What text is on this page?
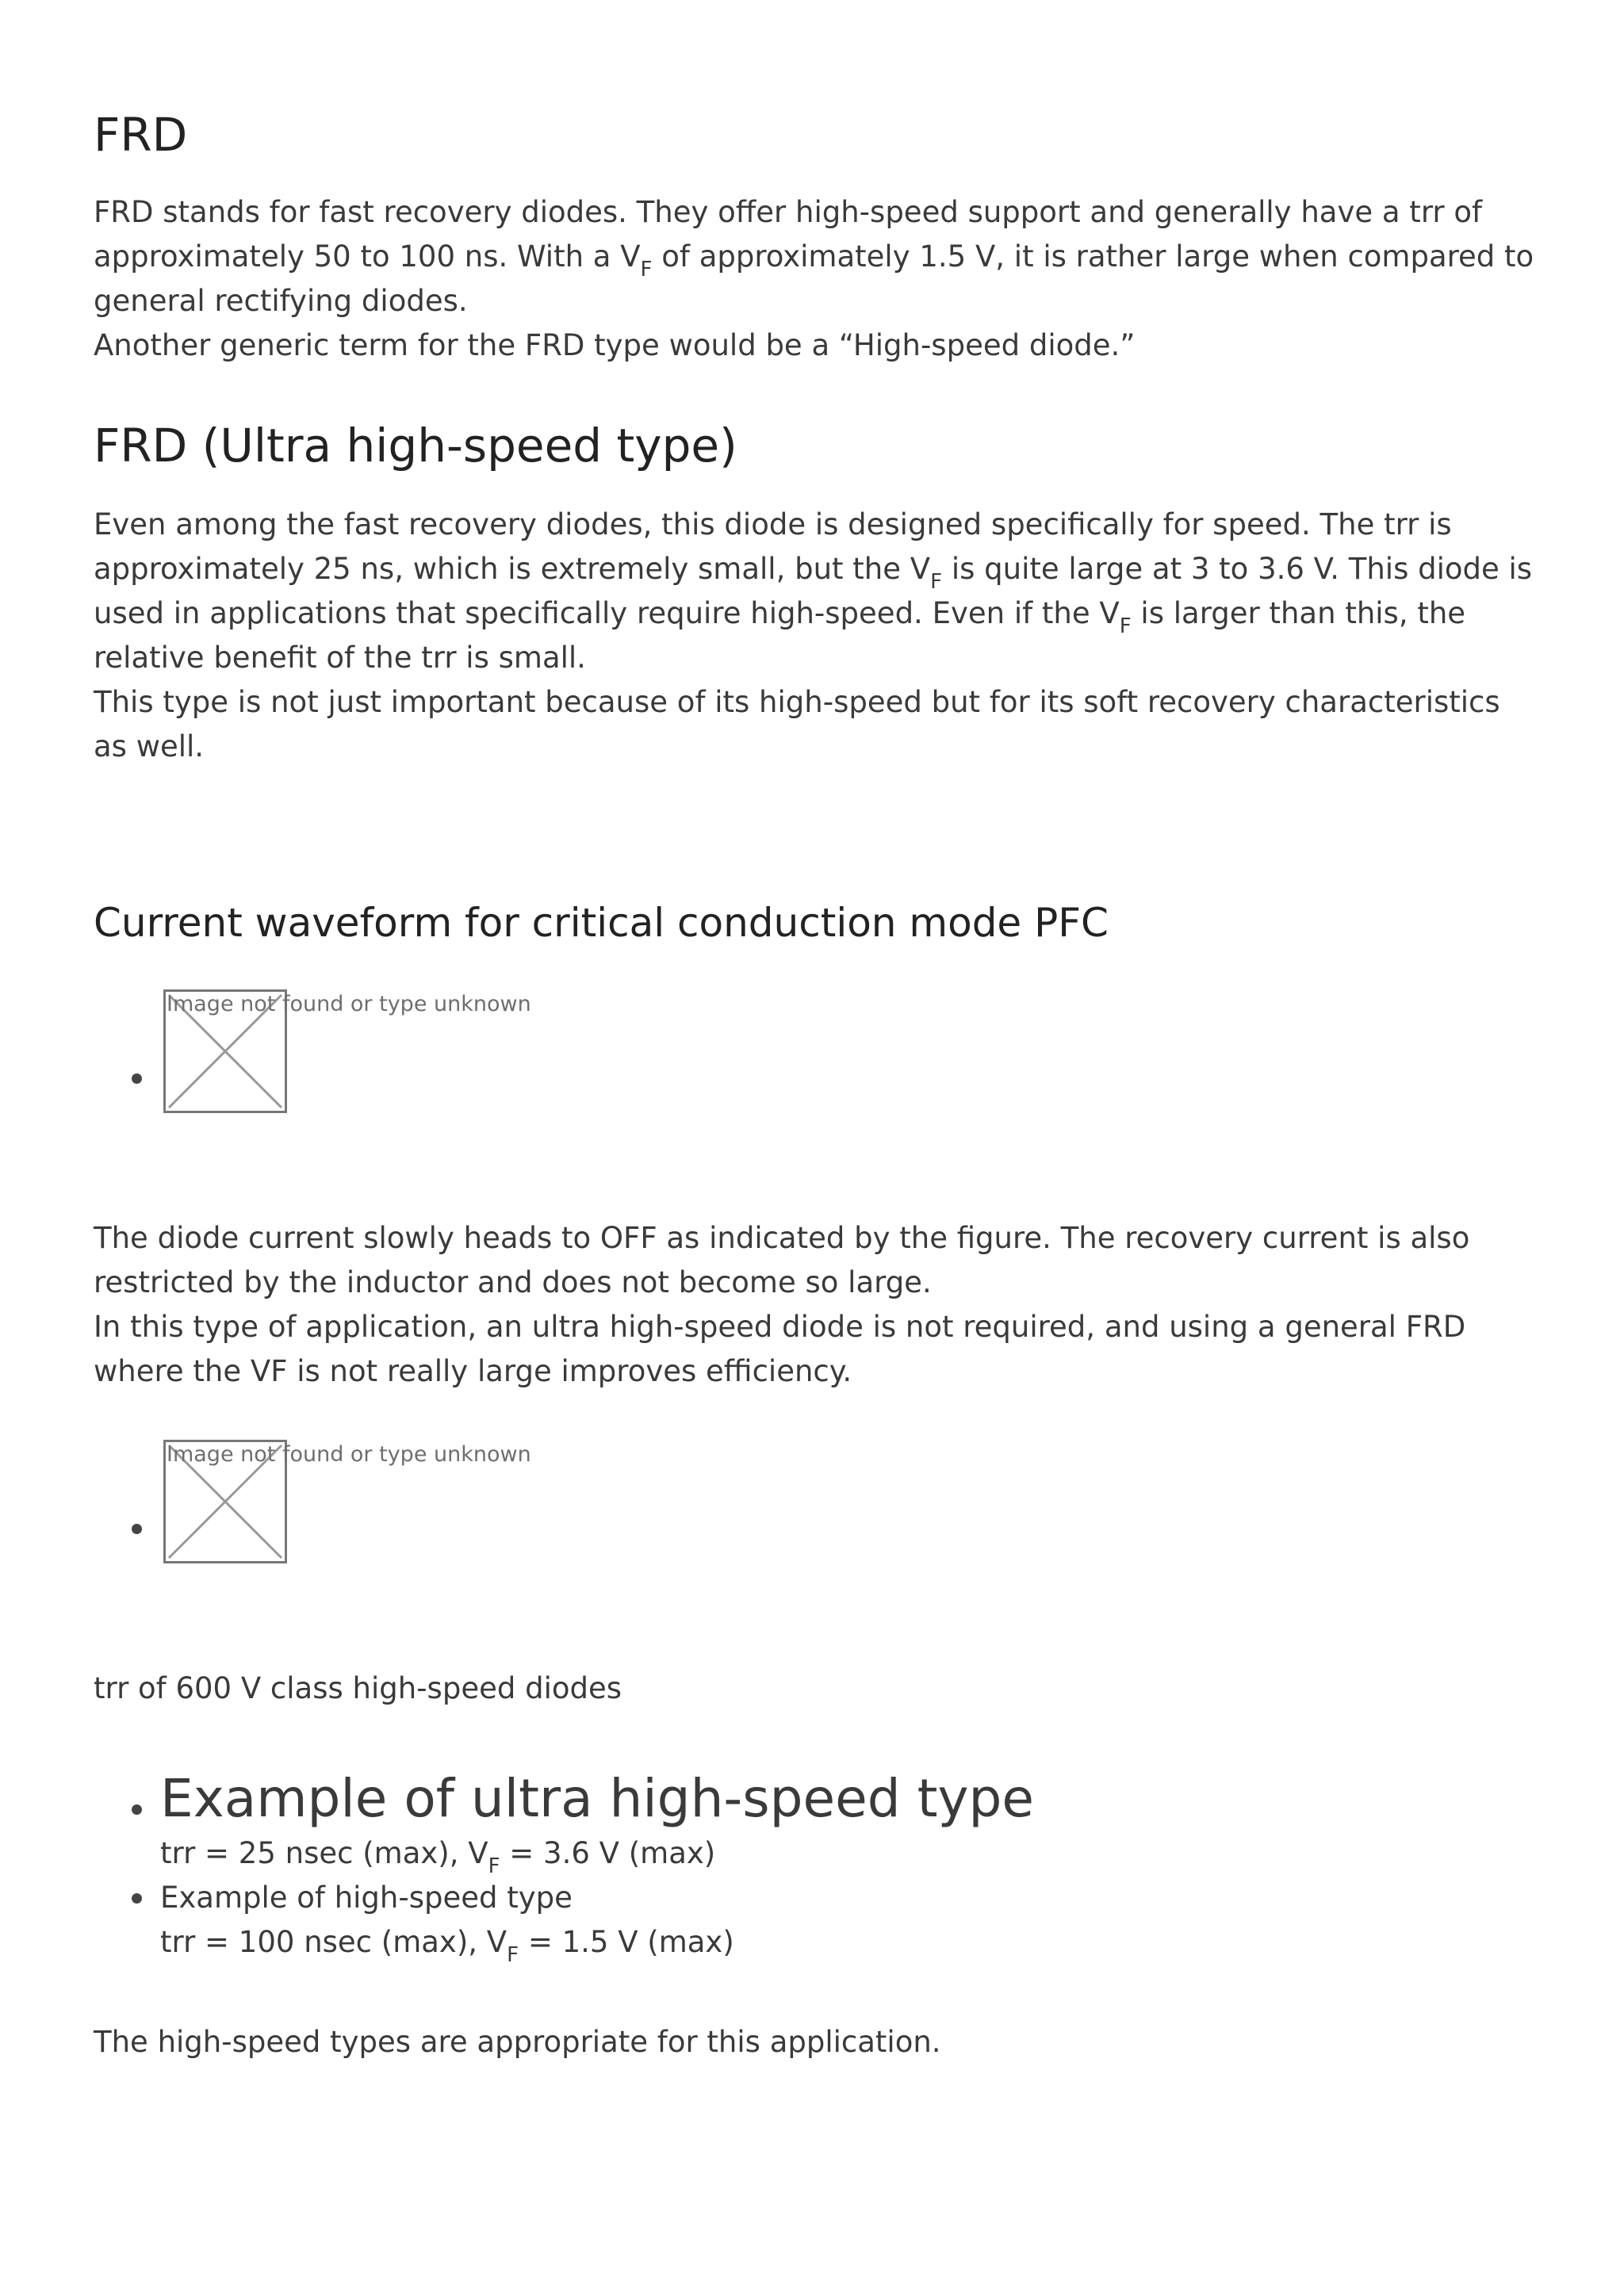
FRD

FRD stands for fast recovery diodes. They offer high-speed support and generally have a trr of approximately 50 to 100 ns. With a $V_F$ of approximately 1.5 V, it is rather large when compared to general rectifying diodes.
Another generic term for the FRD type would be a “High-speed diode.”

FRD (Ultra high-speed type)

Even among the fast recovery diodes, this diode is designed specifically for speed. The trr is approximately 25 ns, which is extremely small, but the $V_F$ is quite large at 3 to 3.6 V. This diode is used in applications that specifically require high-speed. Even if the $V_F$ is larger than this, the relative benefit of the trr is small.
This type is not just important because of its high-speed but for its soft recovery characteristics as well.

Current waveform for critical conduction mode PFC
Image not found or type unknown

The diode current slowly heads to OFF as indicated by the figure. The recovery current is also restricted by the inductor and does not become so large.
In this type of application, an ultra high-speed diode is not required, and using a general FRD where the VF is not really large improves efficiency.

Image not found or type unknown

trr of 600 V class high-speed diodes

Example of ultra high-speed type
trr = 25 nsec (max), $V_F = 3.6$ V (max)
Example of high-speed type
trr = 100 nsec (max), $V_F = 1.5$ V (max)

The high-speed types are appropriate for this application.
